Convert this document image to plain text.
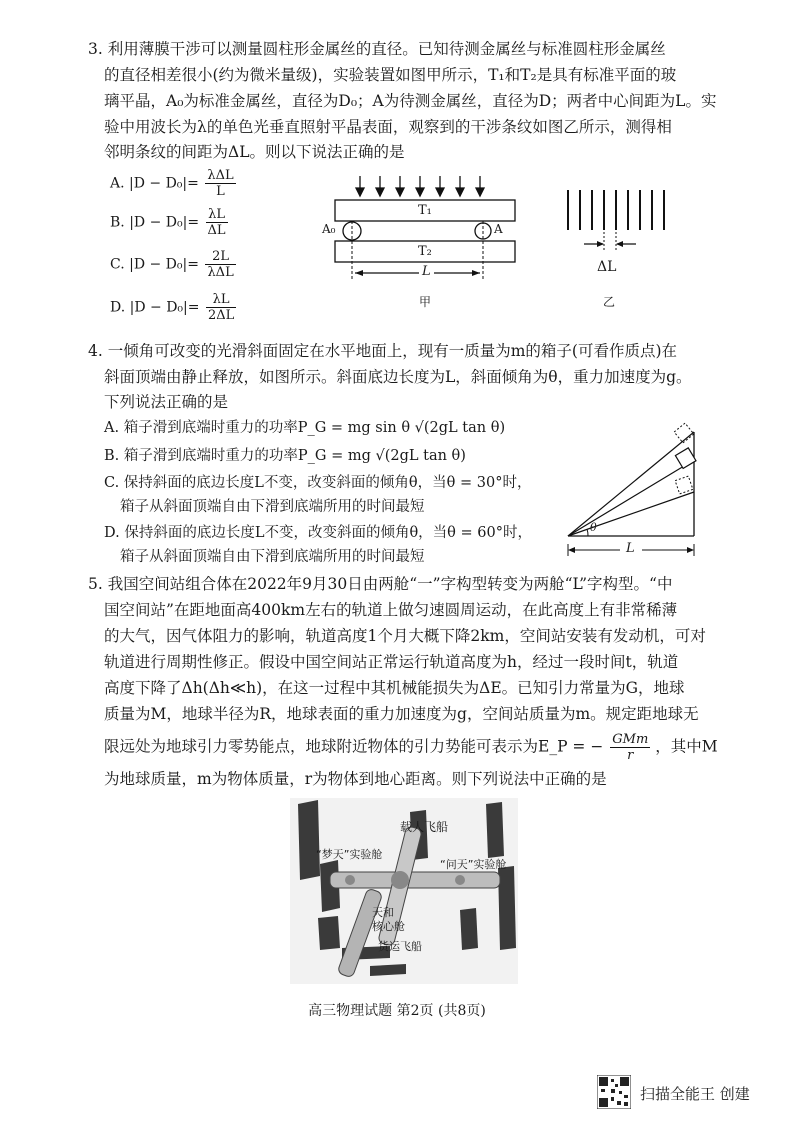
3. 利用薄膜干涉可以测量圆柱形金属丝的直径。已知待测金属丝与标准圆柱形金属丝
的直径相差很小(约为微米量级)，实验装置如图甲所示，T₁和T₂是具有标准平面的玻
璃平晶，A₀为标准金属丝，直径为D₀；A为待测金属丝，直径为D；两者中心间距为L。实
验中用波长为λ的单色光垂直照射平晶表面，观察到的干涉条纹如图乙所示，测得相
邻明条纹的间距为ΔL。则以下说法正确的是
A. $|D - D_0|= \frac{\text{λΔL}}{L}$
B. $|D - D_0|= \frac{\lambda L}{\Delta L}$
C. $|D - D_0|= \frac{2L}{\text{λΔL}}$
D. $|D - D_0|= \frac{\lambda L}{2\Delta L}$
T₁
T₂
A₀	A
L
甲
ΔL
乙
4. 一倾角可改变的光滑斜面固定在水平地面上，现有一质量为m的箱子(可看作质点)在
斜面顶端由静止释放，如图所示。斜面底边长度为L，斜面倾角为θ，重力加速度为g。
下列说法正确的是
A. 箱子滑到底端时重力的功率P_G = mg sin θ √(2gL tan θ)
B. 箱子滑到底端时重力的功率P_G = mg √(2gL tan θ)
C. 保持斜面的底边长度L不变，改变斜面的倾角θ，当θ = 30°时，
箱子从斜面顶端自由下滑到底端所用的时间最短
D. 保持斜面的底边长度L不变，改变斜面的倾角θ，当θ = 60°时，
箱子从斜面顶端自由下滑到底端所用的时间最短
θ
L
5. 我国空间站组合体在2022年9月30日由两舱“一”字构型转变为两舱“L”字构型。“中
国空间站”在距地面高400km左右的轨道上做匀速圆周运动，在此高度上有非常稀薄
的大气，因气体阻力的影响，轨道高度1个月大概下降2km，空间站安装有发动机，可对
轨道进行周期性修正。假设中国空间站正常运行轨道高度为h，经过一段时间t，轨道
高度下降了Δh(Δh≪h)，在这一过程中其机械能损失为ΔE。已知引力常量为G，地球
质量为M，地球半径为R，地球表面的重力加速度为g，空间站质量为m。规定距地球无
限远处为地球引力零势能点，地球附近物体的引力势能可表示为E_P = − $\frac{\text{GMm}}{r}$ ，其中M
为地球质量，m为物体质量，r为物体到地心距离。则下列说法中正确的是
载人飞船
“梦天”实验舱
“问天”实验舱
天和
核心舱
货运飞船
高三物理试题 第2页 (共8页)
扫描全能王 创建
